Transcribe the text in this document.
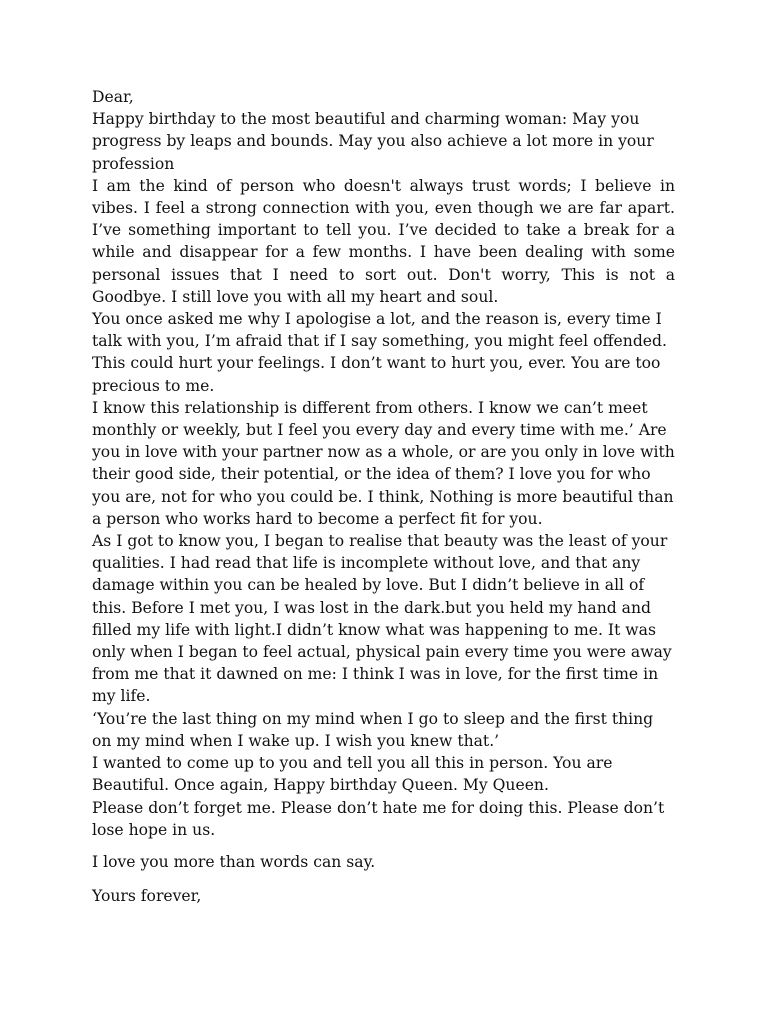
Dear,

Happy birthday to the most beautiful and charming woman: May you progress by leaps and bounds. May you also achieve a lot more in your profession

I am the kind of person who doesn't always trust words; I believe in vibes. I feel a strong connection with you, even though we are far apart. I’ve something important to tell you. I’ve decided to take a break for a while and disappear for a few months. I have been dealing with some personal issues that I need to sort out. Don't worry, This is not a Goodbye. I still love you with all my heart and soul.

You once asked me why I apologise a lot, and the reason is, every time I talk with you, I’m afraid that if I say something, you might feel offended. This could hurt your feelings. I don’t want to hurt you, ever. You are too precious to me.

I know this relationship is different from others. I know we can’t meet monthly or weekly, but I feel you every day and every time with me.’ Are you in love with your partner now as a whole, or are you only in love with their good side, their potential, or the idea of them? I love you for who you are, not for who you could be. I think, Nothing is more beautiful than a person who works hard to become a perfect fit for you.

As I got to know you, I began to realise that beauty was the least of your qualities. I had read that life is incomplete without love, and that any damage within you can be healed by love. But I didn’t believe in all of this. Before I met you, I was lost in the dark.but you held my hand and filled my life with light.I didn’t know what was happening to me. It was only when I began to feel actual, physical pain every time you were away from me that it dawned on me: I think I was in love, for the first time in my life.

‘You’re the last thing on my mind when I go to sleep and the first thing on my mind when I wake up. I wish you knew that.’

I wanted to come up to you and tell you all this in person. You are Beautiful. Once again, Happy birthday Queen. My Queen.

Please don’t forget me. Please don’t hate me for doing this. Please don’t lose hope in us.

I love you more than words can say.

Yours forever,
